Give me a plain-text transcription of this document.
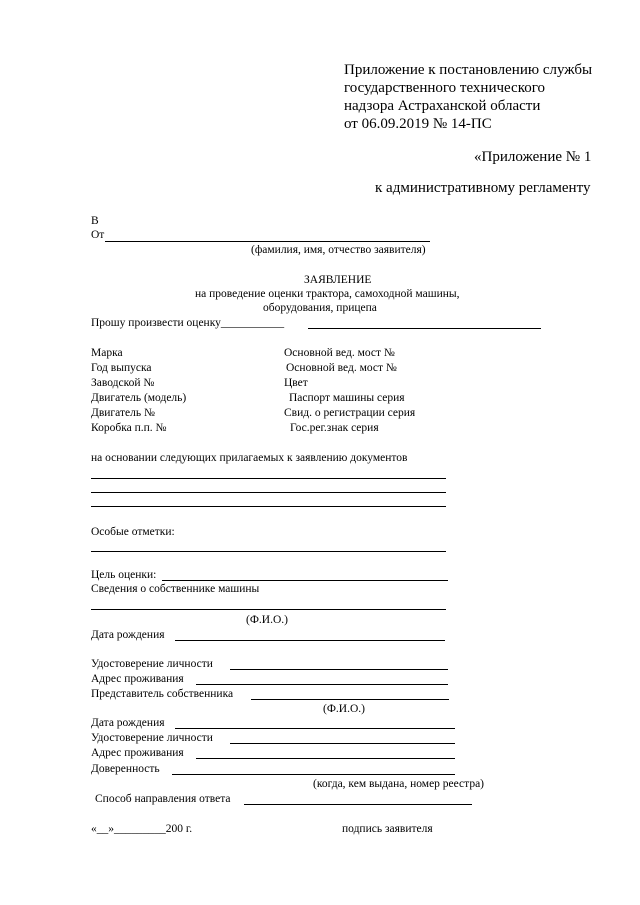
Приложение к постановлению службы
государственного технического
надзора Астраханской области
от 06.09.2019 № 14-ПС
«Приложение № 1
к административному регламенту
В
От
(фамилия, имя, отчество заявителя)
ЗАЯВЛЕНИЕ
на проведение оценки трактора, самоходной машины,
оборудования, прицепа
Прошу произвести оценку___________
Марка
Год выпуска
Заводской №
Двигатель (модель)
Двигатель №
Коробка п.п. №
Основной вед. мост №
Основной вед. мост №
Цвет
Паспорт машины серия
Свид. о регистрации серия
Гос.рег.знак серия
на основании следующих прилагаемых к заявлению документов
Особые отметки:
Цель оценки:
Сведения о собственнике машины
(Ф.И.О.)
Дата рождения
Удостоверение личности
Адрес проживания
Представитель собственника
(Ф.И.О.)
Дата рождения
Удостоверение личности
Адрес проживания
Доверенность
(когда, кем выдана, номер реестра)
Способ направления ответа
«__»_________200 г.	подпись заявителя
